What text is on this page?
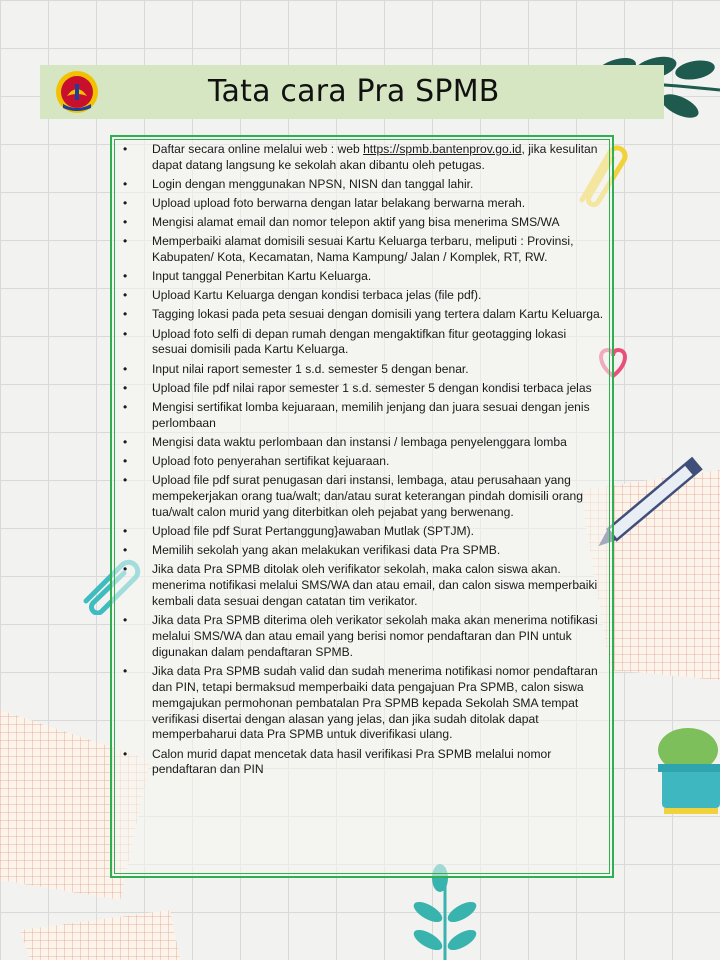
Tata cara Pra SPMB
• Daftar secara online melalui web : web https://spmb.bantenprov.go.id, jika kesulitan dapat datang langsung ke sekolah akan dibantu oleh petugas.
• Login dengan menggunakan NPSN, NISN dan tanggal lahir.
• Upload upload foto berwarna dengan latar belakang berwarna merah.
• Mengisi alamat email dan nomor telepon aktif yang bisa menerima SMS/WA
• Memperbaiki alamat domisili sesuai Kartu Keluarga terbaru, meliputi : Provinsi, Kabupaten/ Kota, Kecamatan, Nama Kampung/ Jalan / Komplek, RT, RW.
• Input tanggal Penerbitan Kartu Keluarga.
• Upload Kartu Keluarga dengan kondisi terbaca jelas (file pdf).
• Tagging lokasi pada peta sesuai dengan domisili yang tertera dalam Kartu Keluarga.
• Upload foto selfi di depan rumah dengan mengaktifkan fitur geotagging lokasi sesuai domisili pada Kartu Keluarga.
• Input nilai raport semester 1 s.d. semester 5 dengan benar.
• Upload file pdf nilai rapor semester 1 s.d. semester 5 dengan kondisi terbaca jelas
• Mengisi sertifikat lomba kejuaraan, memilih jenjang dan juara sesuai dengan jenis perlombaan
• Mengisi data waktu perlombaan dan instansi / lembaga penyelenggara lomba
• Upload foto penyerahan sertifikat kejuaraan.
• Upload file pdf surat penugasan dari instansi, lembaga, atau perusahaan yang mempekerjakan orang tua/walt; dan/atau surat keterangan pindah domisili orang tua/walt calon murid yang diterbitkan oleh pejabat yang berwenang.
• Upload file pdf Surat Pertanggung}awaban Mutlak (SPTJM).
• Memilih sekolah yang akan melakukan verifikasi data Pra SPMB.
• Jika data Pra SPMB ditolak oleh verifikator sekolah, maka calon siswa akan. menerima notifikasi melalui SMS/WA dan atau email, dan calon siswa memperbaiki kembali data sesuai dengan catatan tim verikator.
• Jika data Pra SPMB diterima oleh verikator sekolah maka akan menerima notifikasi melalui SMS/WA dan atau email yang berisi nomor pendaftaran dan PIN untuk digunakan dalam pendaftaran SPMB.
• Jika data Pra SPMB sudah valid dan sudah menerima notifikasi nomor pendaftaran dan PIN, tetapi bermaksud memperbaiki data pengajuan Pra SPMB, calon siswa memgajukan permohonan pembatalan Pra SPMB kepada Sekolah SMA tempat verifikasi disertai dengan alasan yang jelas, dan jika sudah ditolak dapat memperbaharui data Pra SPMB untuk diverifikasi ulang.
• Calon murid dapat mencetak data hasil verifikasi Pra SPMB melalui nomor pendaftaran dan PIN
